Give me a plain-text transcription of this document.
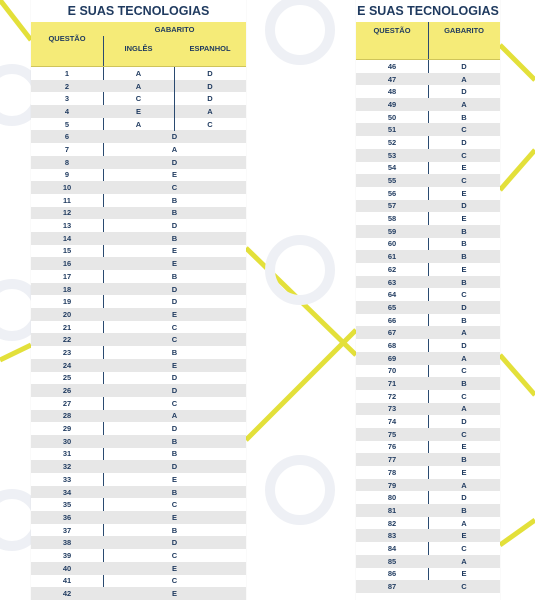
E SUAS TECNOLOGIAS
QUESTÃO
GABARITO
INGLÊS	ESPANHOL
1	A	D
2	A	D
3	C	D
4	E	A
5	A	C
6	D
7	A
8	D
9	E
10	C
11	B
12	B
13	D
14	B
15	E
16	E
17	B
18	D
19	D
20	E
21	C
22	C
23	B
24	E
25	D
26	D
27	C
28	A
29	D
30	B
31	B
32	D
33	E
34	B
35	C
36	E
37	B
38	D
39	C
40	E
41	C
42	E
E SUAS TECNOLOGIAS
QUESTÃO	GABARITO
46	D
47	A
48	D
49	A
50	B
51	C
52	D
53	C
54	E
55	C
56	E
57	D
58	E
59	B
60	B
61	B
62	E
63	B
64	C
65	D
66	B
67	A
68	D
69	A
70	C
71	B
72	C
73	A
74	D
75	C
76	E
77	B
78	E
79	A
80	D
81	B
82	A
83	E
84	C
85	A
86	E
87	C
